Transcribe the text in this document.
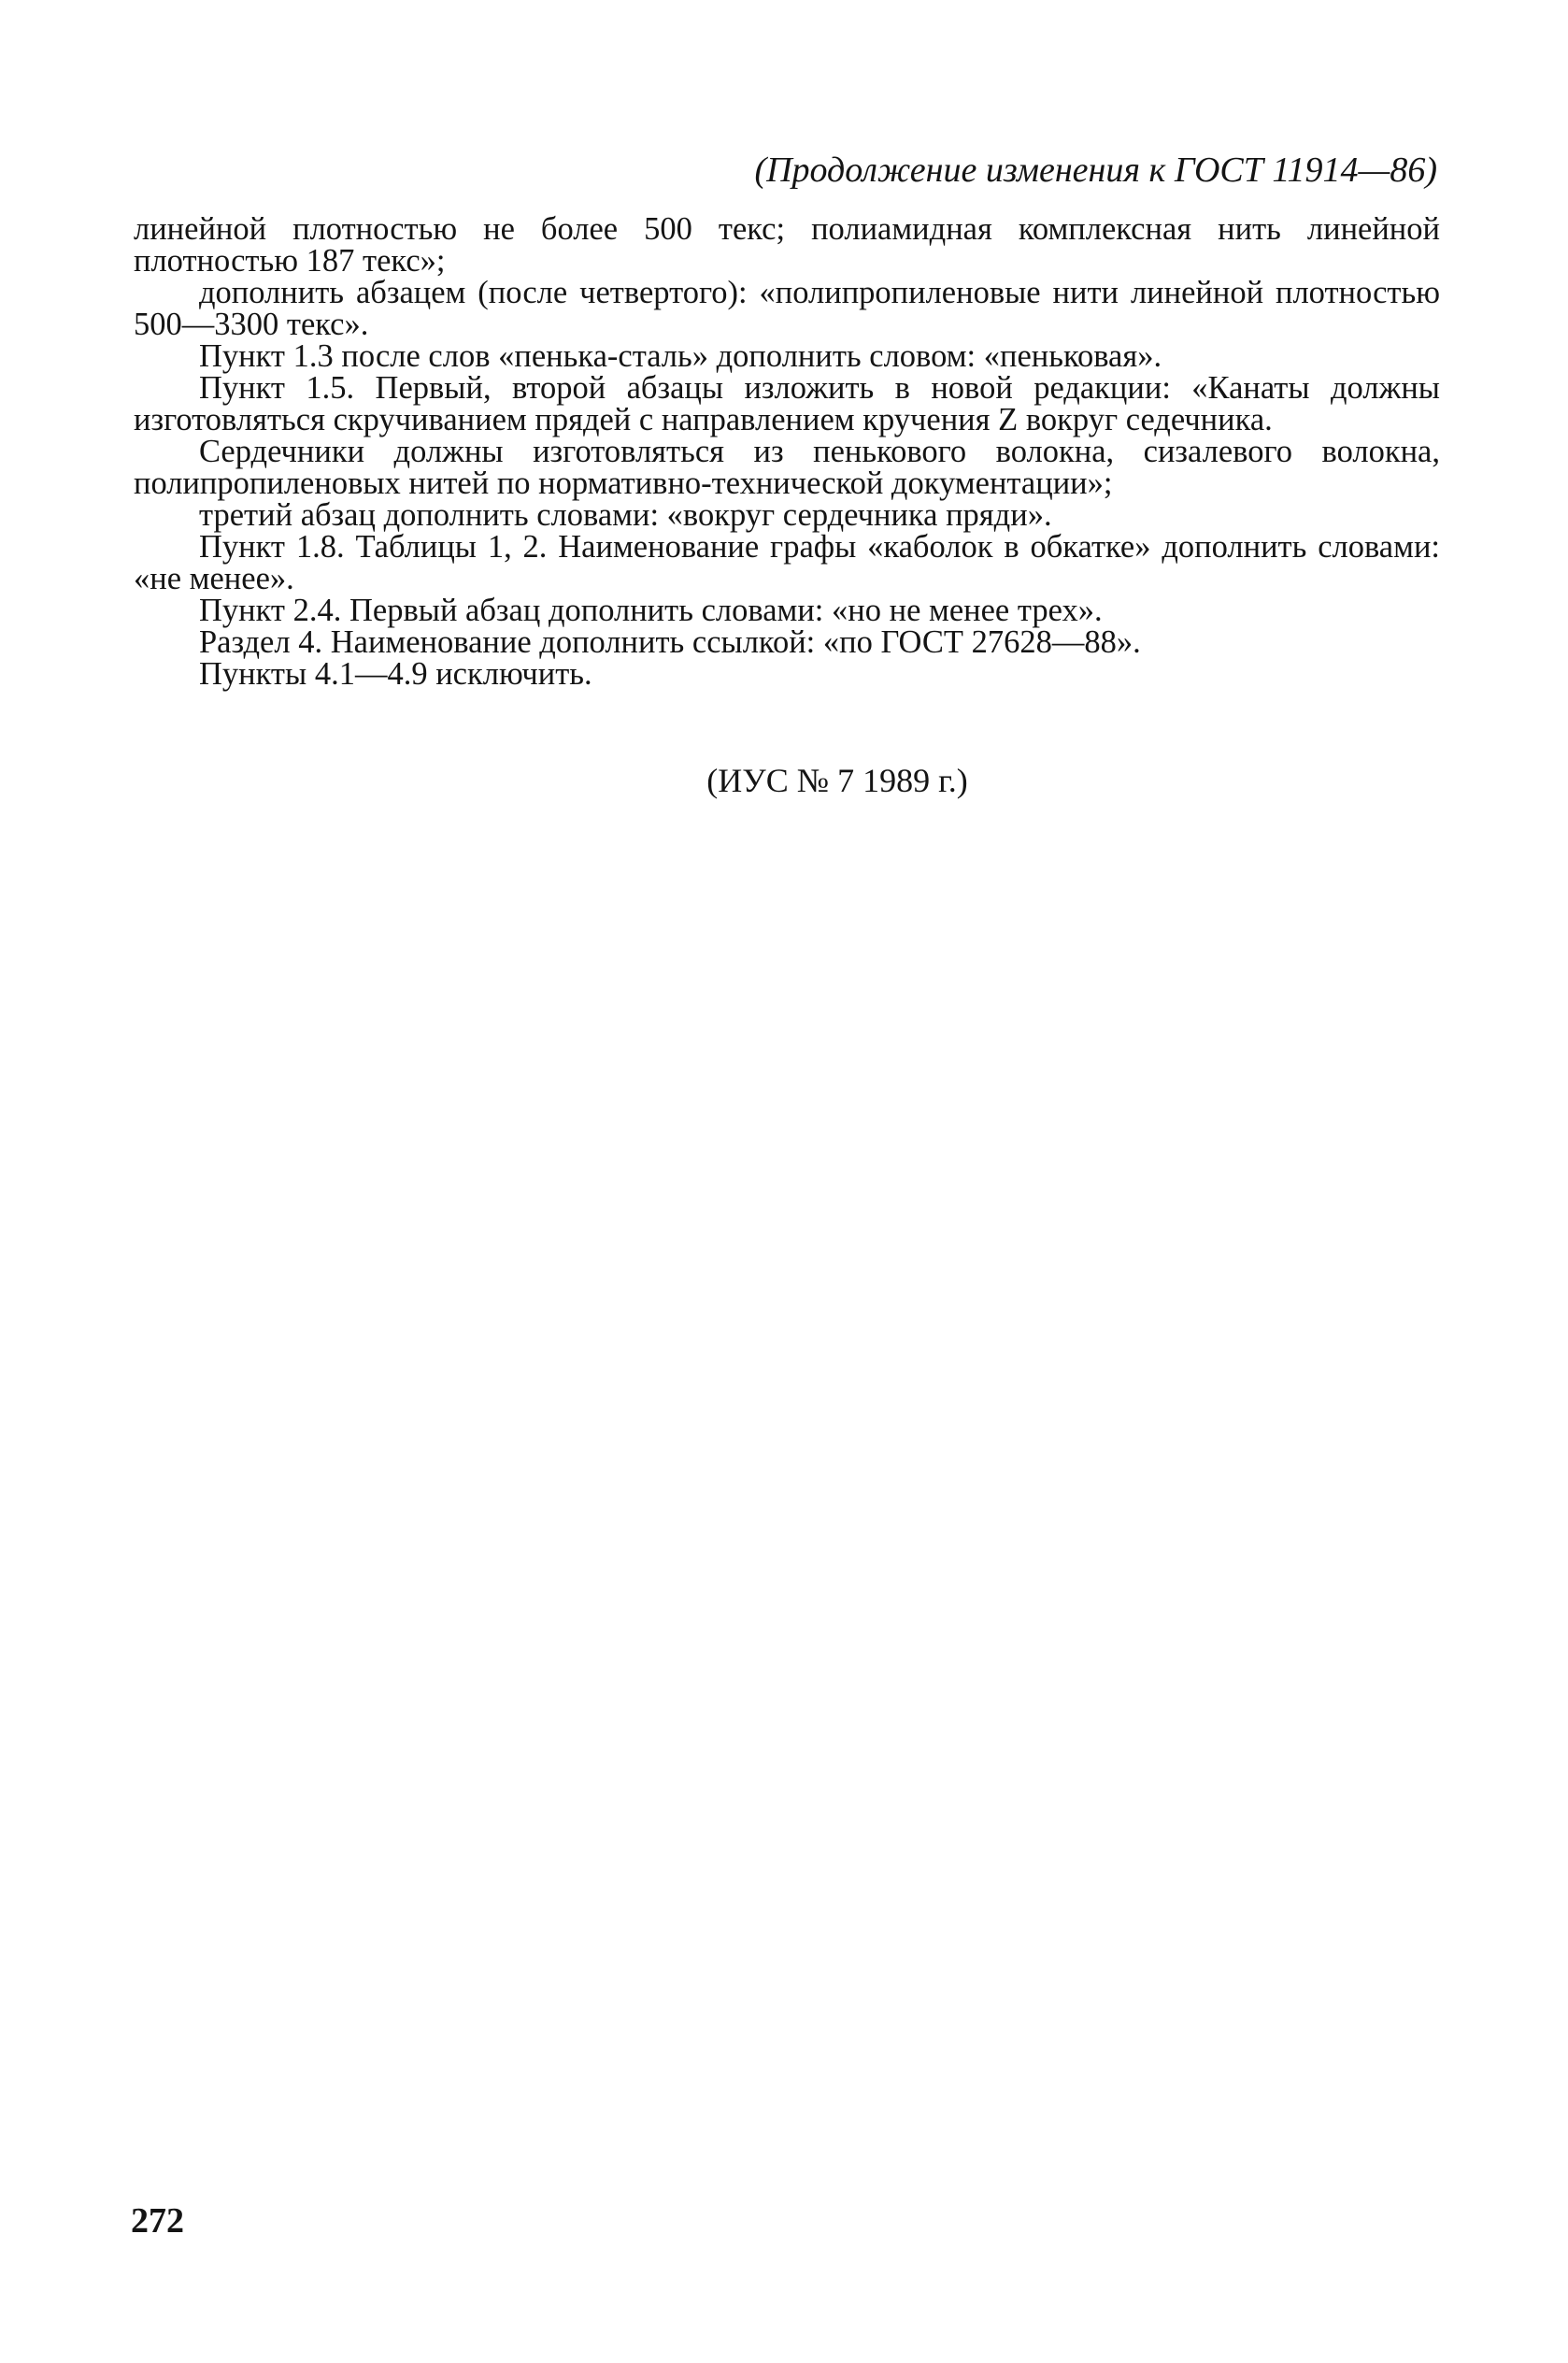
(Продолжение изменения к ГОСТ 11914—86)

линейной плотностью не более 500 текс; полиамидная комплексная нить линейной плотностью 187 текс»;

дополнить абзацем (после четвертого): «полипропиленовые нити линейной плотностью 500—3300 текс».

Пункт 1.3 после слов «пенька-сталь» дополнить словом: «пеньковая».

Пункт 1.5. Первый, второй абзацы изложить в новой редакции: «Канаты должны изготовляться скручиванием прядей с направлением кручения Z вокруг седечника.

Сердечники должны изготовляться из пенькового волокна, сизалевого волокна, полипропиленовых нитей по нормативно-технической документации»;

третий абзац дополнить словами: «вокруг сердечника пряди».

Пункт 1.8. Таблицы 1, 2. Наименование графы «каболок в обкатке» дополнить словами: «не менее».

Пункт 2.4. Первый абзац дополнить словами: «но не менее трех».

Раздел 4. Наименование дополнить ссылкой: «по ГОСТ 27628—88».

Пункты 4.1—4.9 исключить.

(ИУС № 7 1989 г.)
272
